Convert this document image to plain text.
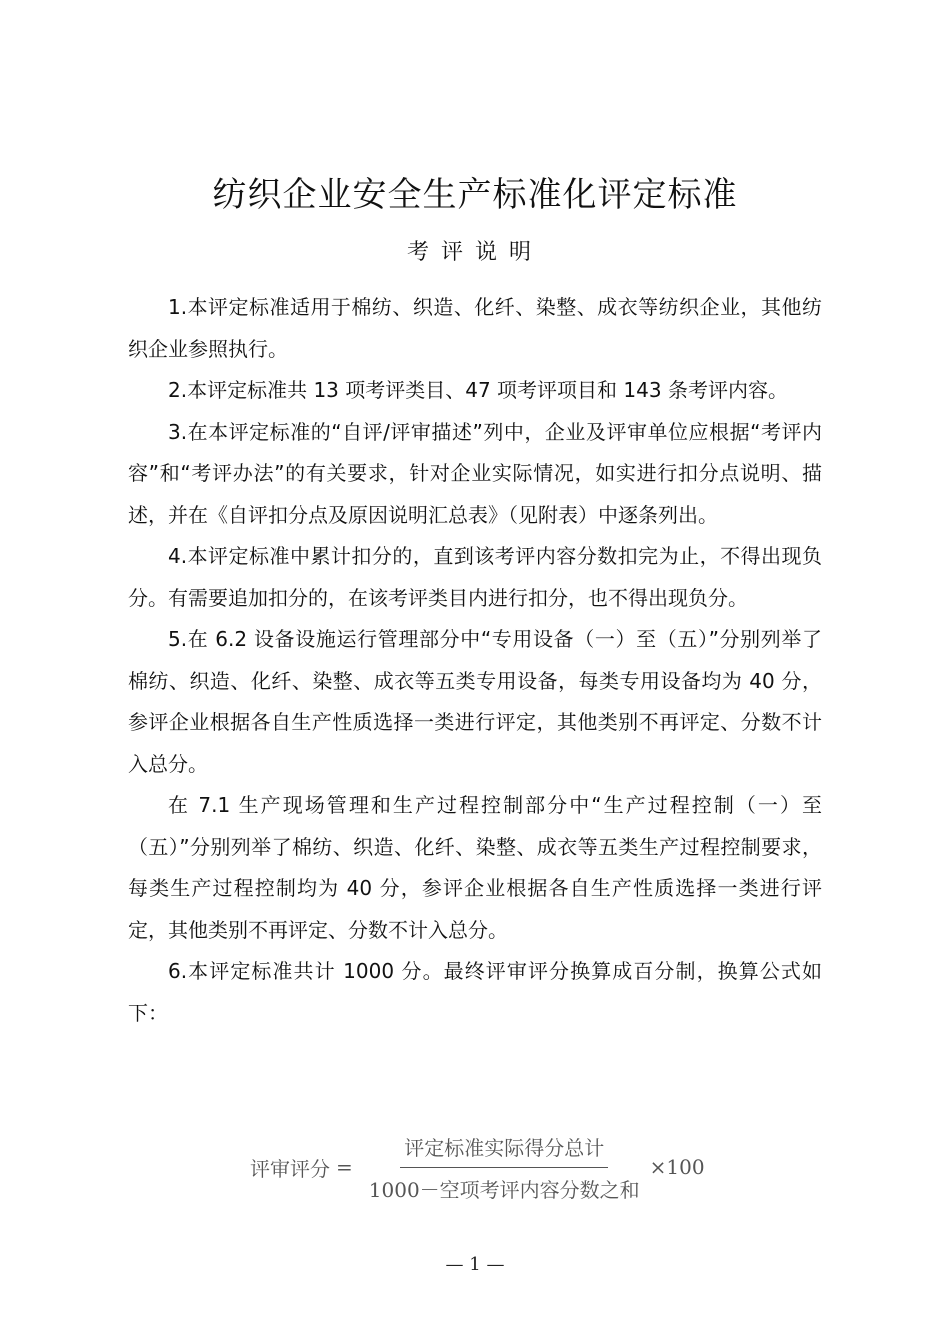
纺织企业安全生产标准化评定标准
考评说明

1.本评定标准适用于棉纺、织造、化纤、染整、成衣等纺织企业，其他纺织企业参照执行。

2.本评定标准共 13 项考评类目、47 项考评项目和 143 条考评内容。

3.在本评定标准的“自评/评审描述”列中，企业及评审单位应根据“考评内容”和“考评办法”的有关要求，针对企业实际情况，如实进行扣分点说明、描述，并在《自评扣分点及原因说明汇总表》（见附表）中逐条列出。

4.本评定标准中累计扣分的，直到该考评内容分数扣完为止，不得出现负分。有需要追加扣分的，在该考评类目内进行扣分，也不得出现负分。

5.在 6.2 设备设施运行管理部分中“专用设备（一）至（五）”分别列举了棉纺、织造、化纤、染整、成衣等五类专用设备，每类专用设备均为 40 分，参评企业根据各自生产性质选择一类进行评定，其他类别不再评定、分数不计入总分。

在 7.1 生产现场管理和生产过程控制部分中“生产过程控制（一）至（五）”分别列举了棉纺、织造、化纤、染整、成衣等五类生产过程控制要求，每类生产过程控制均为 40 分，参评企业根据各自生产性质选择一类进行评定，其他类别不再评定、分数不计入总分。

6.本评定标准共计 1000 分。最终评审评分换算成百分制，换算公式如下：

评审评分 = $\frac{\text{评定标准实际得分总计}}{\text{1000－空项考评内容分数之和}} \times 100$
— 1 —
